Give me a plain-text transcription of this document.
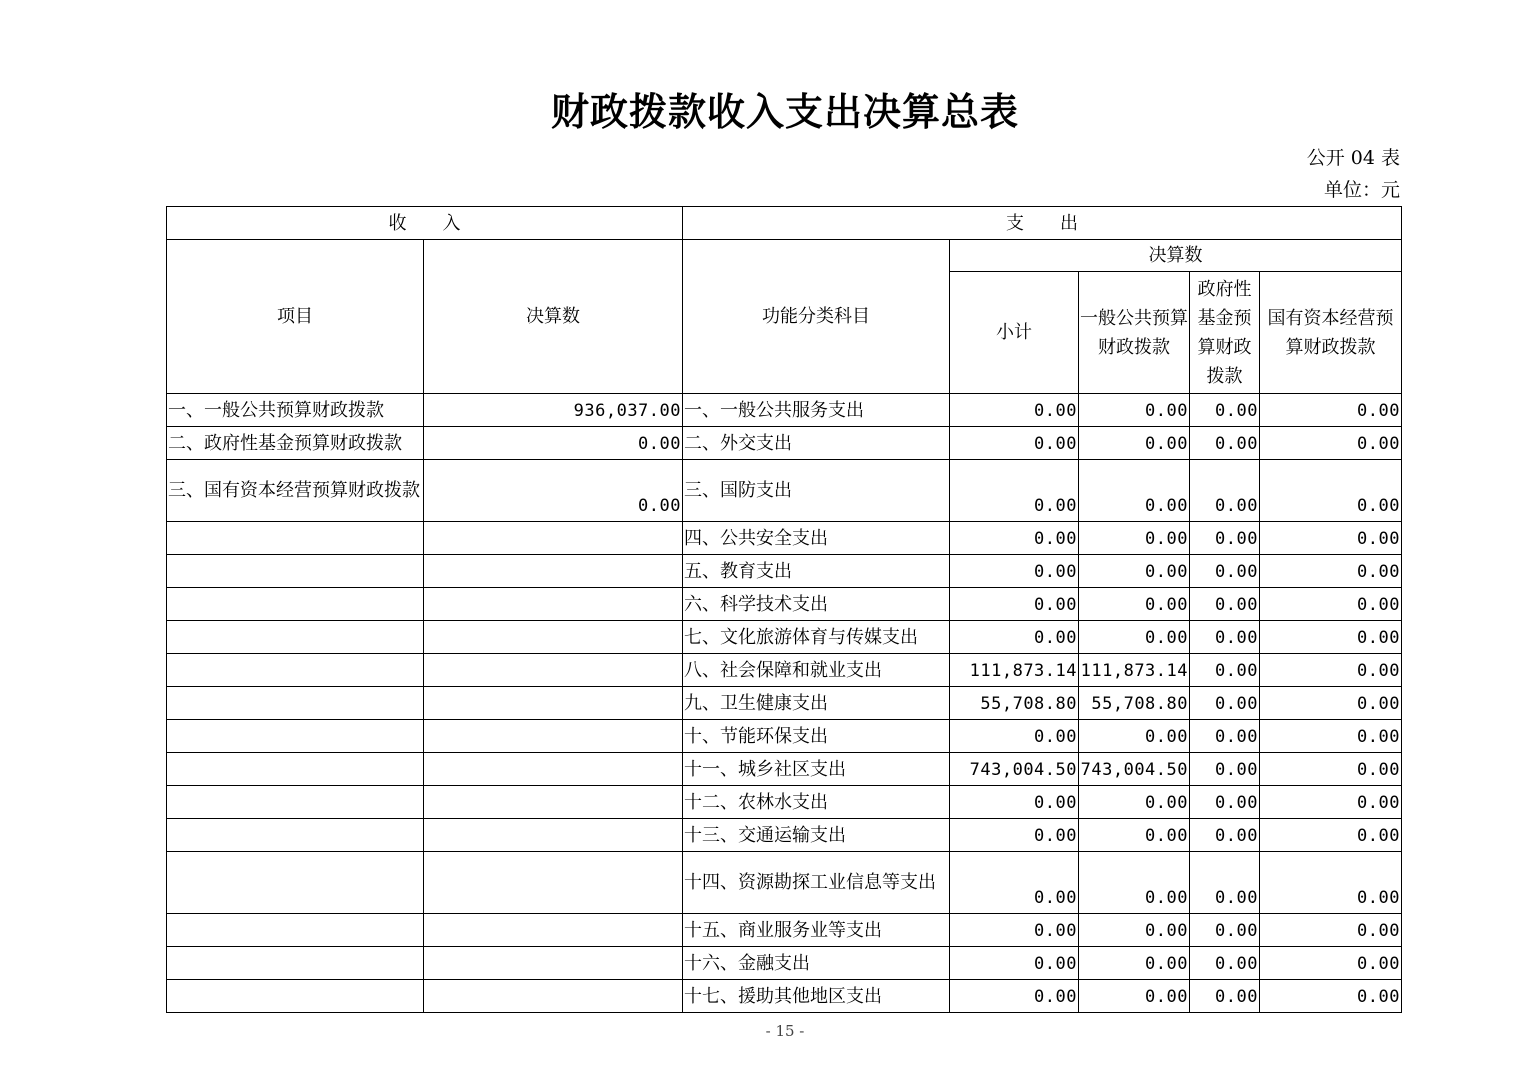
财政拨款收入支出决算总表
公开 04 表
单位：元
收　　入		支　　出				
项目	决算数	功能分类科目	决算数			
			小计	一般公共预算财政拨款	政府性基金预算财政拨款	国有资本经营预算财政拨款
一、一般公共预算财政拨款	936,037.00	一、一般公共服务支出	0.00	0.00	0.00	0.00
二、政府性基金预算财政拨款	0.00	二、外交支出	0.00	0.00	0.00	0.00
三、国有资本经营预算财政拨款	0.00	三、国防支出	0.00	0.00	0.00	0.00
		四、公共安全支出	0.00	0.00	0.00	0.00
		五、教育支出	0.00	0.00	0.00	0.00
		六、科学技术支出	0.00	0.00	0.00	0.00
		七、文化旅游体育与传媒支出	0.00	0.00	0.00	0.00
		八、社会保障和就业支出	111,873.14	111,873.14	0.00	0.00
		九、卫生健康支出	55,708.80	55,708.80	0.00	0.00
		十、节能环保支出	0.00	0.00	0.00	0.00
		十一、城乡社区支出	743,004.50	743,004.50	0.00	0.00
		十二、农林水支出	0.00	0.00	0.00	0.00
		十三、交通运输支出	0.00	0.00	0.00	0.00
		十四、资源勘探工业信息等支出	0.00	0.00	0.00	0.00
		十五、商业服务业等支出	0.00	0.00	0.00	0.00
		十六、金融支出	0.00	0.00	0.00	0.00
		十七、援助其他地区支出	0.00	0.00	0.00	0.00
- 15 -
